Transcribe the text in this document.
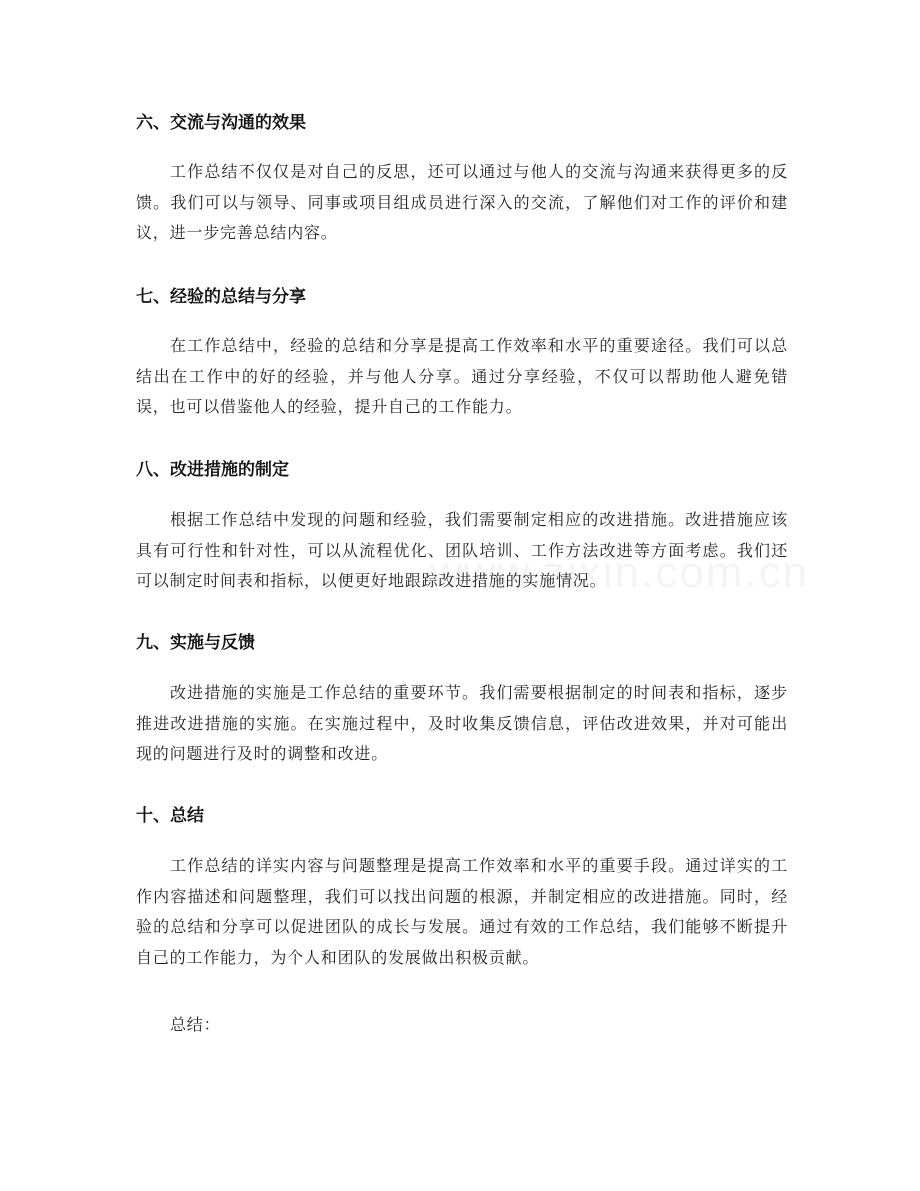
六、交流与沟通的效果

工作总结不仅仅是对自己的反思，还可以通过与他人的交流与沟通来获得更多的反馈。我们可以与领导、同事或项目组成员进行深入的交流，了解他们对工作的评价和建议，进一步完善总结内容。

七、经验的总结与分享

在工作总结中，经验的总结和分享是提高工作效率和水平的重要途径。我们可以总结出在工作中的好的经验，并与他人分享。通过分享经验，不仅可以帮助他人避免错误，也可以借鉴他人的经验，提升自己的工作能力。

八、改进措施的制定

根据工作总结中发现的问题和经验，我们需要制定相应的改进措施。改进措施应该具有可行性和针对性，可以从流程优化、团队培训、工作方法改进等方面考虑。我们还可以制定时间表和指标，以便更好地跟踪改进措施的实施情况。

九、实施与反馈

改进措施的实施是工作总结的重要环节。我们需要根据制定的时间表和指标，逐步推进改进措施的实施。在实施过程中，及时收集反馈信息，评估改进效果，并对可能出现的问题进行及时的调整和改进。

十、总结

工作总结的详实内容与问题整理是提高工作效率和水平的重要手段。通过详实的工作内容描述和问题整理，我们可以找出问题的根源，并制定相应的改进措施。同时，经验的总结和分享可以促进团队的成长与发展。通过有效的工作总结，我们能够不断提升自己的工作能力，为个人和团队的发展做出积极贡献。

总结：
